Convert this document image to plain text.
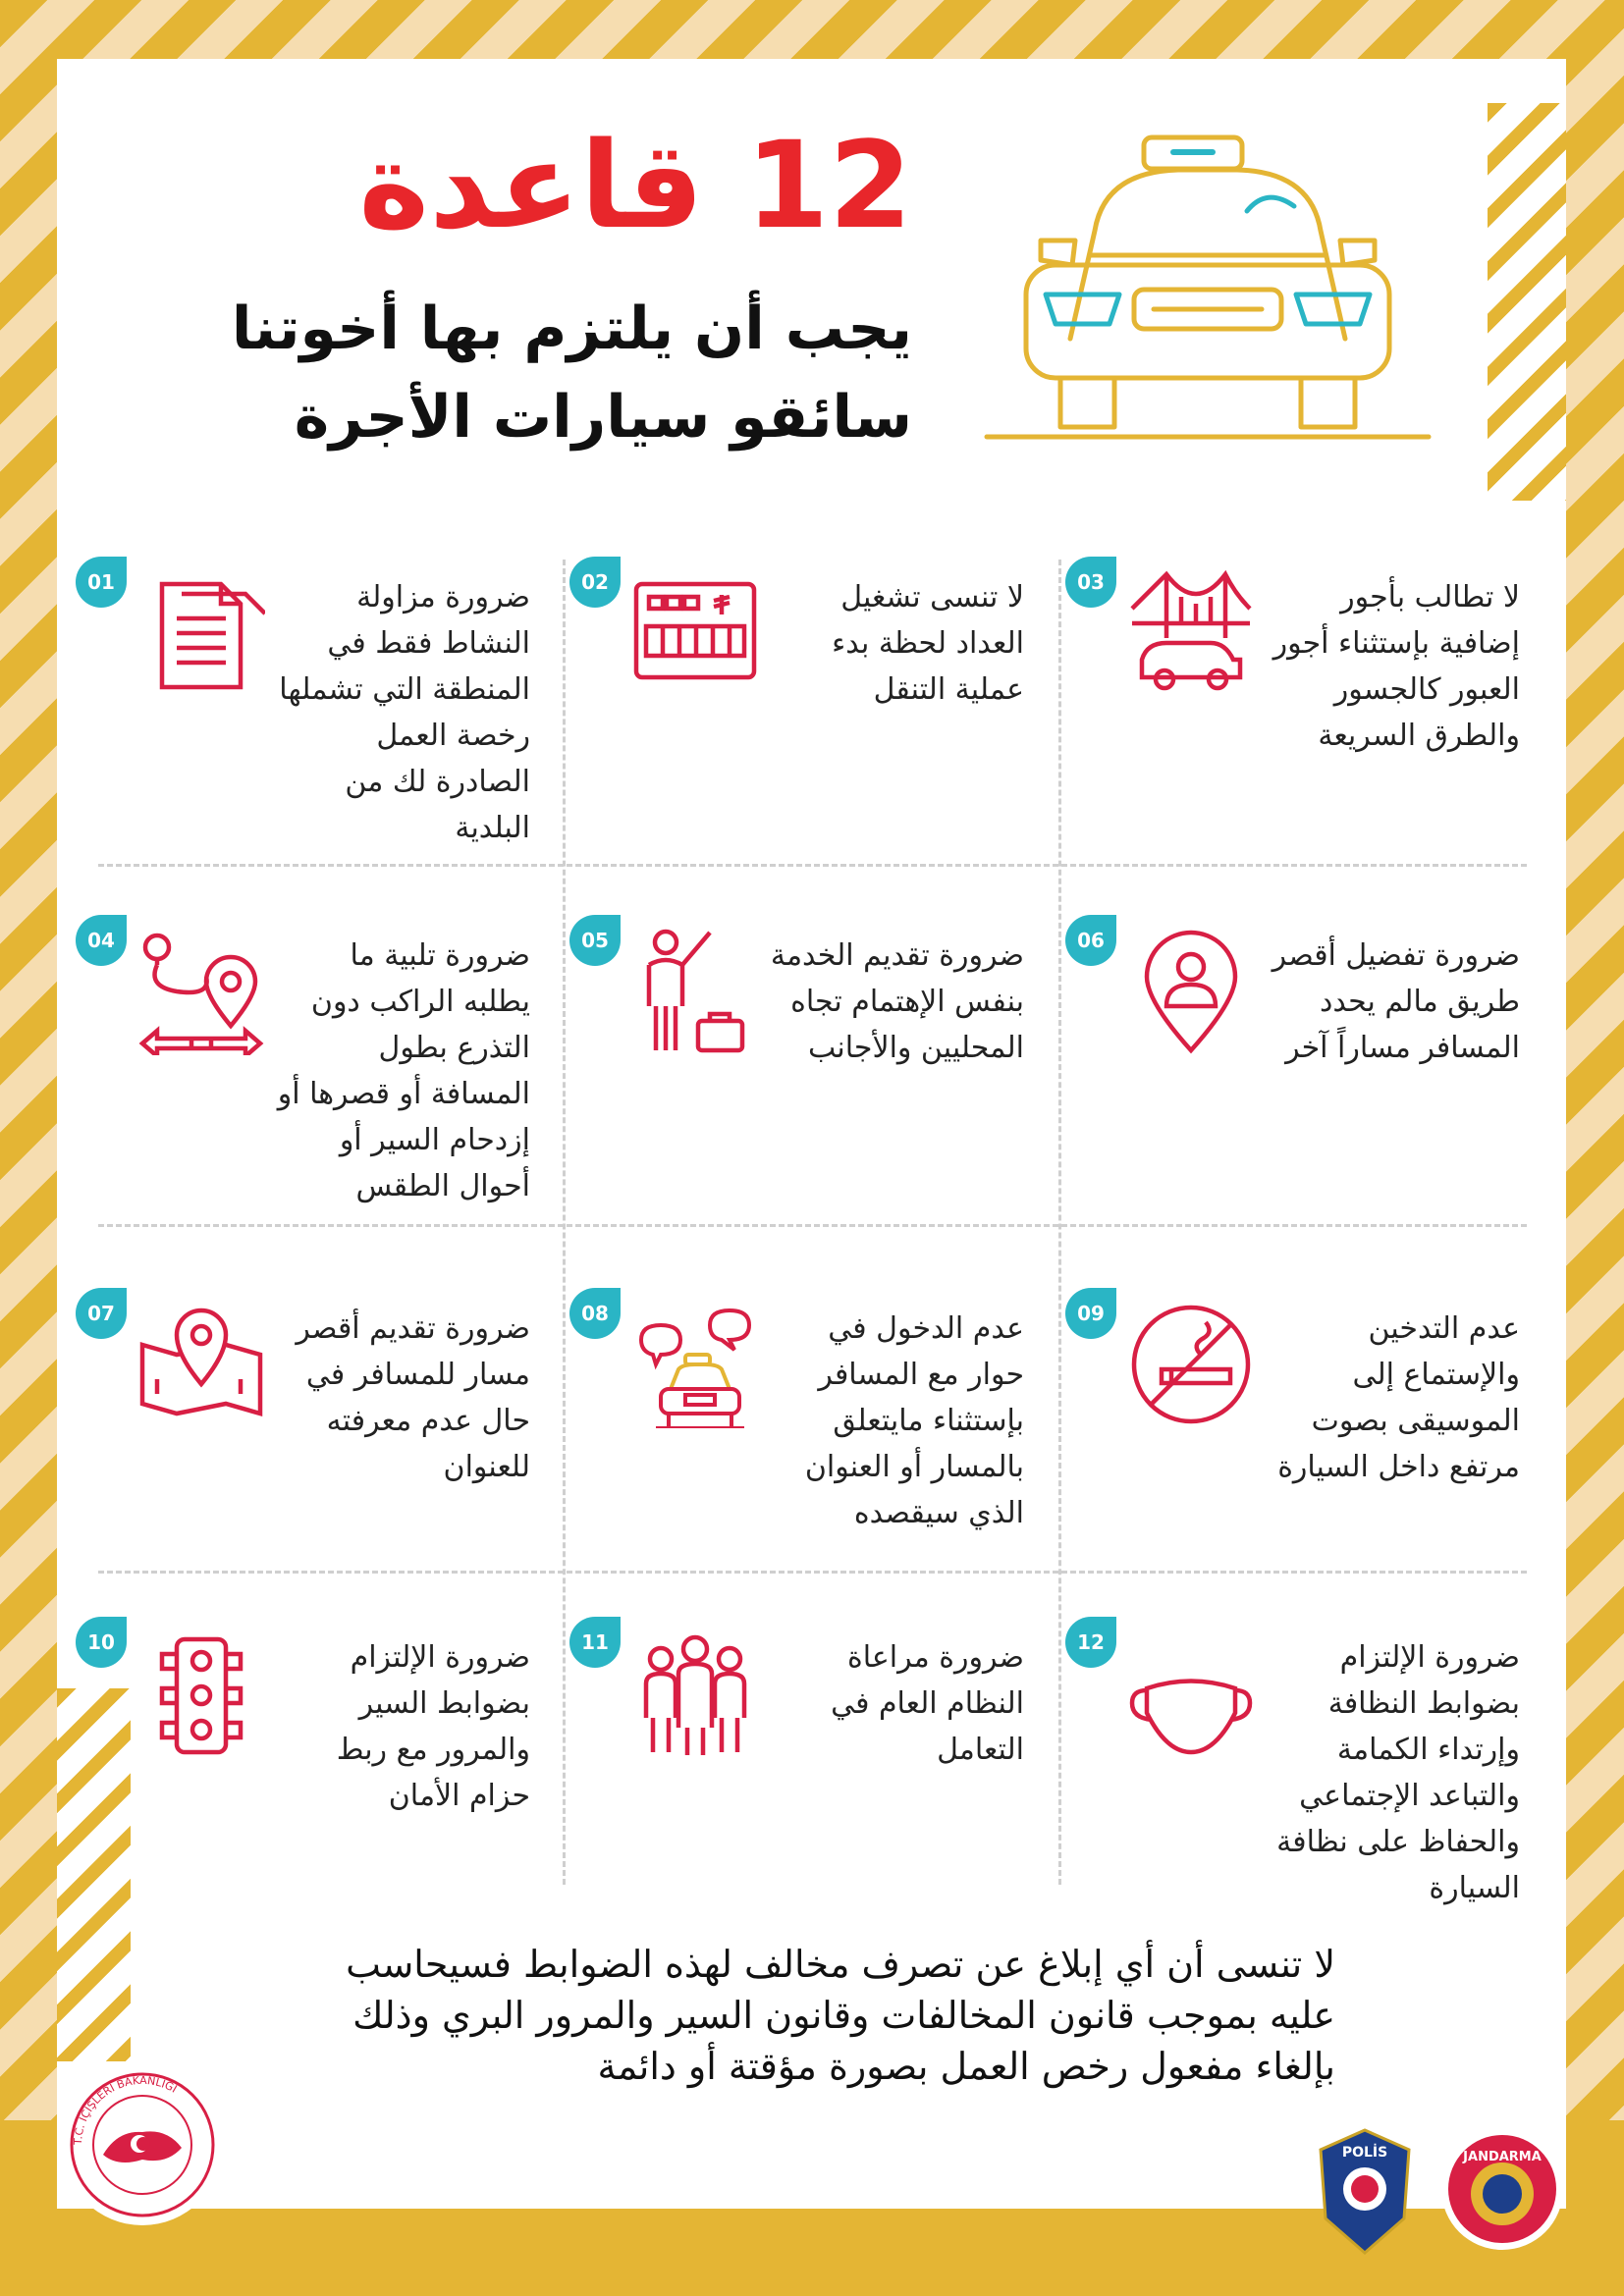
12 قاعدة
يجب أن يلتزم بها أخوتنا سائقو سيارات الأجرة
01	ضرورة مزاولة النشاط فقط في المنطقة التي تشملها رخصة العمل الصادرة لك من البلدية
02	لا تنسى تشغيل العداد لحظة بدء عملية التنقل
03	لا تطالب بأجور إضافية بإستثناء أجور العبور كالجسور والطرق السريعة
04	ضرورة تلبية ما يطلبه الراكب دون التذرع بطول المسافة أو قصرها أو إزدحام السير أو أحوال الطقس
05	ضرورة تقديم الخدمة بنفس الإهتمام تجاه المحليين والأجانب
06	ضرورة تفضيل أقصر طريق مالم يحدد المسافر مساراً آخر
07	ضرورة تقديم أقصر مسار للمسافر في حال عدم معرفته للعنوان
08	عدم الدخول في حوار مع المسافر بإستثناء مايتعلق بالمسار أو العنوان الذي سيقصده
09	عدم التدخين والإستماع إلى الموسيقى بصوت مرتفع داخل السيارة
10	ضرورة الإلتزام بضوابط السير والمرور مع ربط حزام الأمان
11	ضرورة مراعاة النظام العام في التعامل
12	ضرورة الإلتزام بضوابط النظافة وإرتداء الكمامة والتباعد الإجتماعي والحفاظ على نظافة السيارة
لا تنسى أن أي إبلاغ عن تصرف مخالف لهذه الضوابط فسيحاسب عليه بموجب قانون المخالفات وقانون السير والمرور البري وذلك بإلغاء مفعول رخص العمل بصورة مؤقتة أو دائمة
T.C. İÇİŞLERİ BAKANLIĞI
POLİS	JANDARMA
